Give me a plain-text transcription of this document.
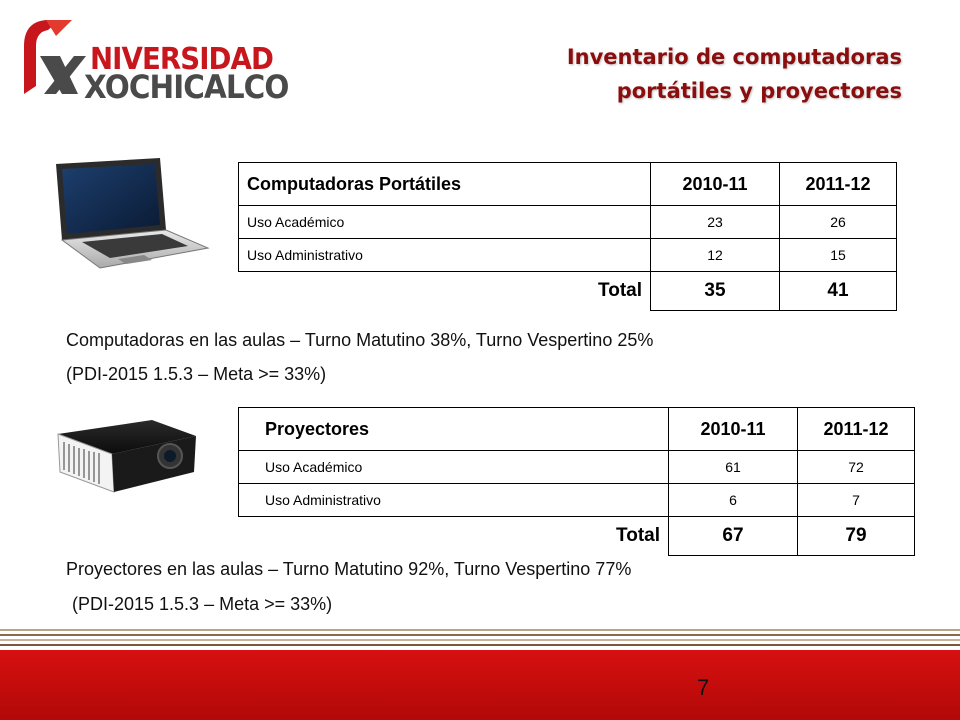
NIVERSIDAD
XOCHICALCO
Inventario de computadoras
portátiles y proyectores
Computadoras Portátiles	2010-11	2011-12
Uso Académico	23	26
Uso Administrativo	12	15
Total	35	41
Computadoras en las aulas – Turno Matutino 38%, Turno Vespertino 25%
(PDI-2015 1.5.3 – Meta >= 33%)
Proyectores	2010-11	2011-12
Uso Académico	61	72
Uso Administrativo	6	7
Total	67	79
Proyectores en las aulas – Turno Matutino 92%, Turno Vespertino 77%
(PDI-2015 1.5.3 – Meta >= 33%)
7
